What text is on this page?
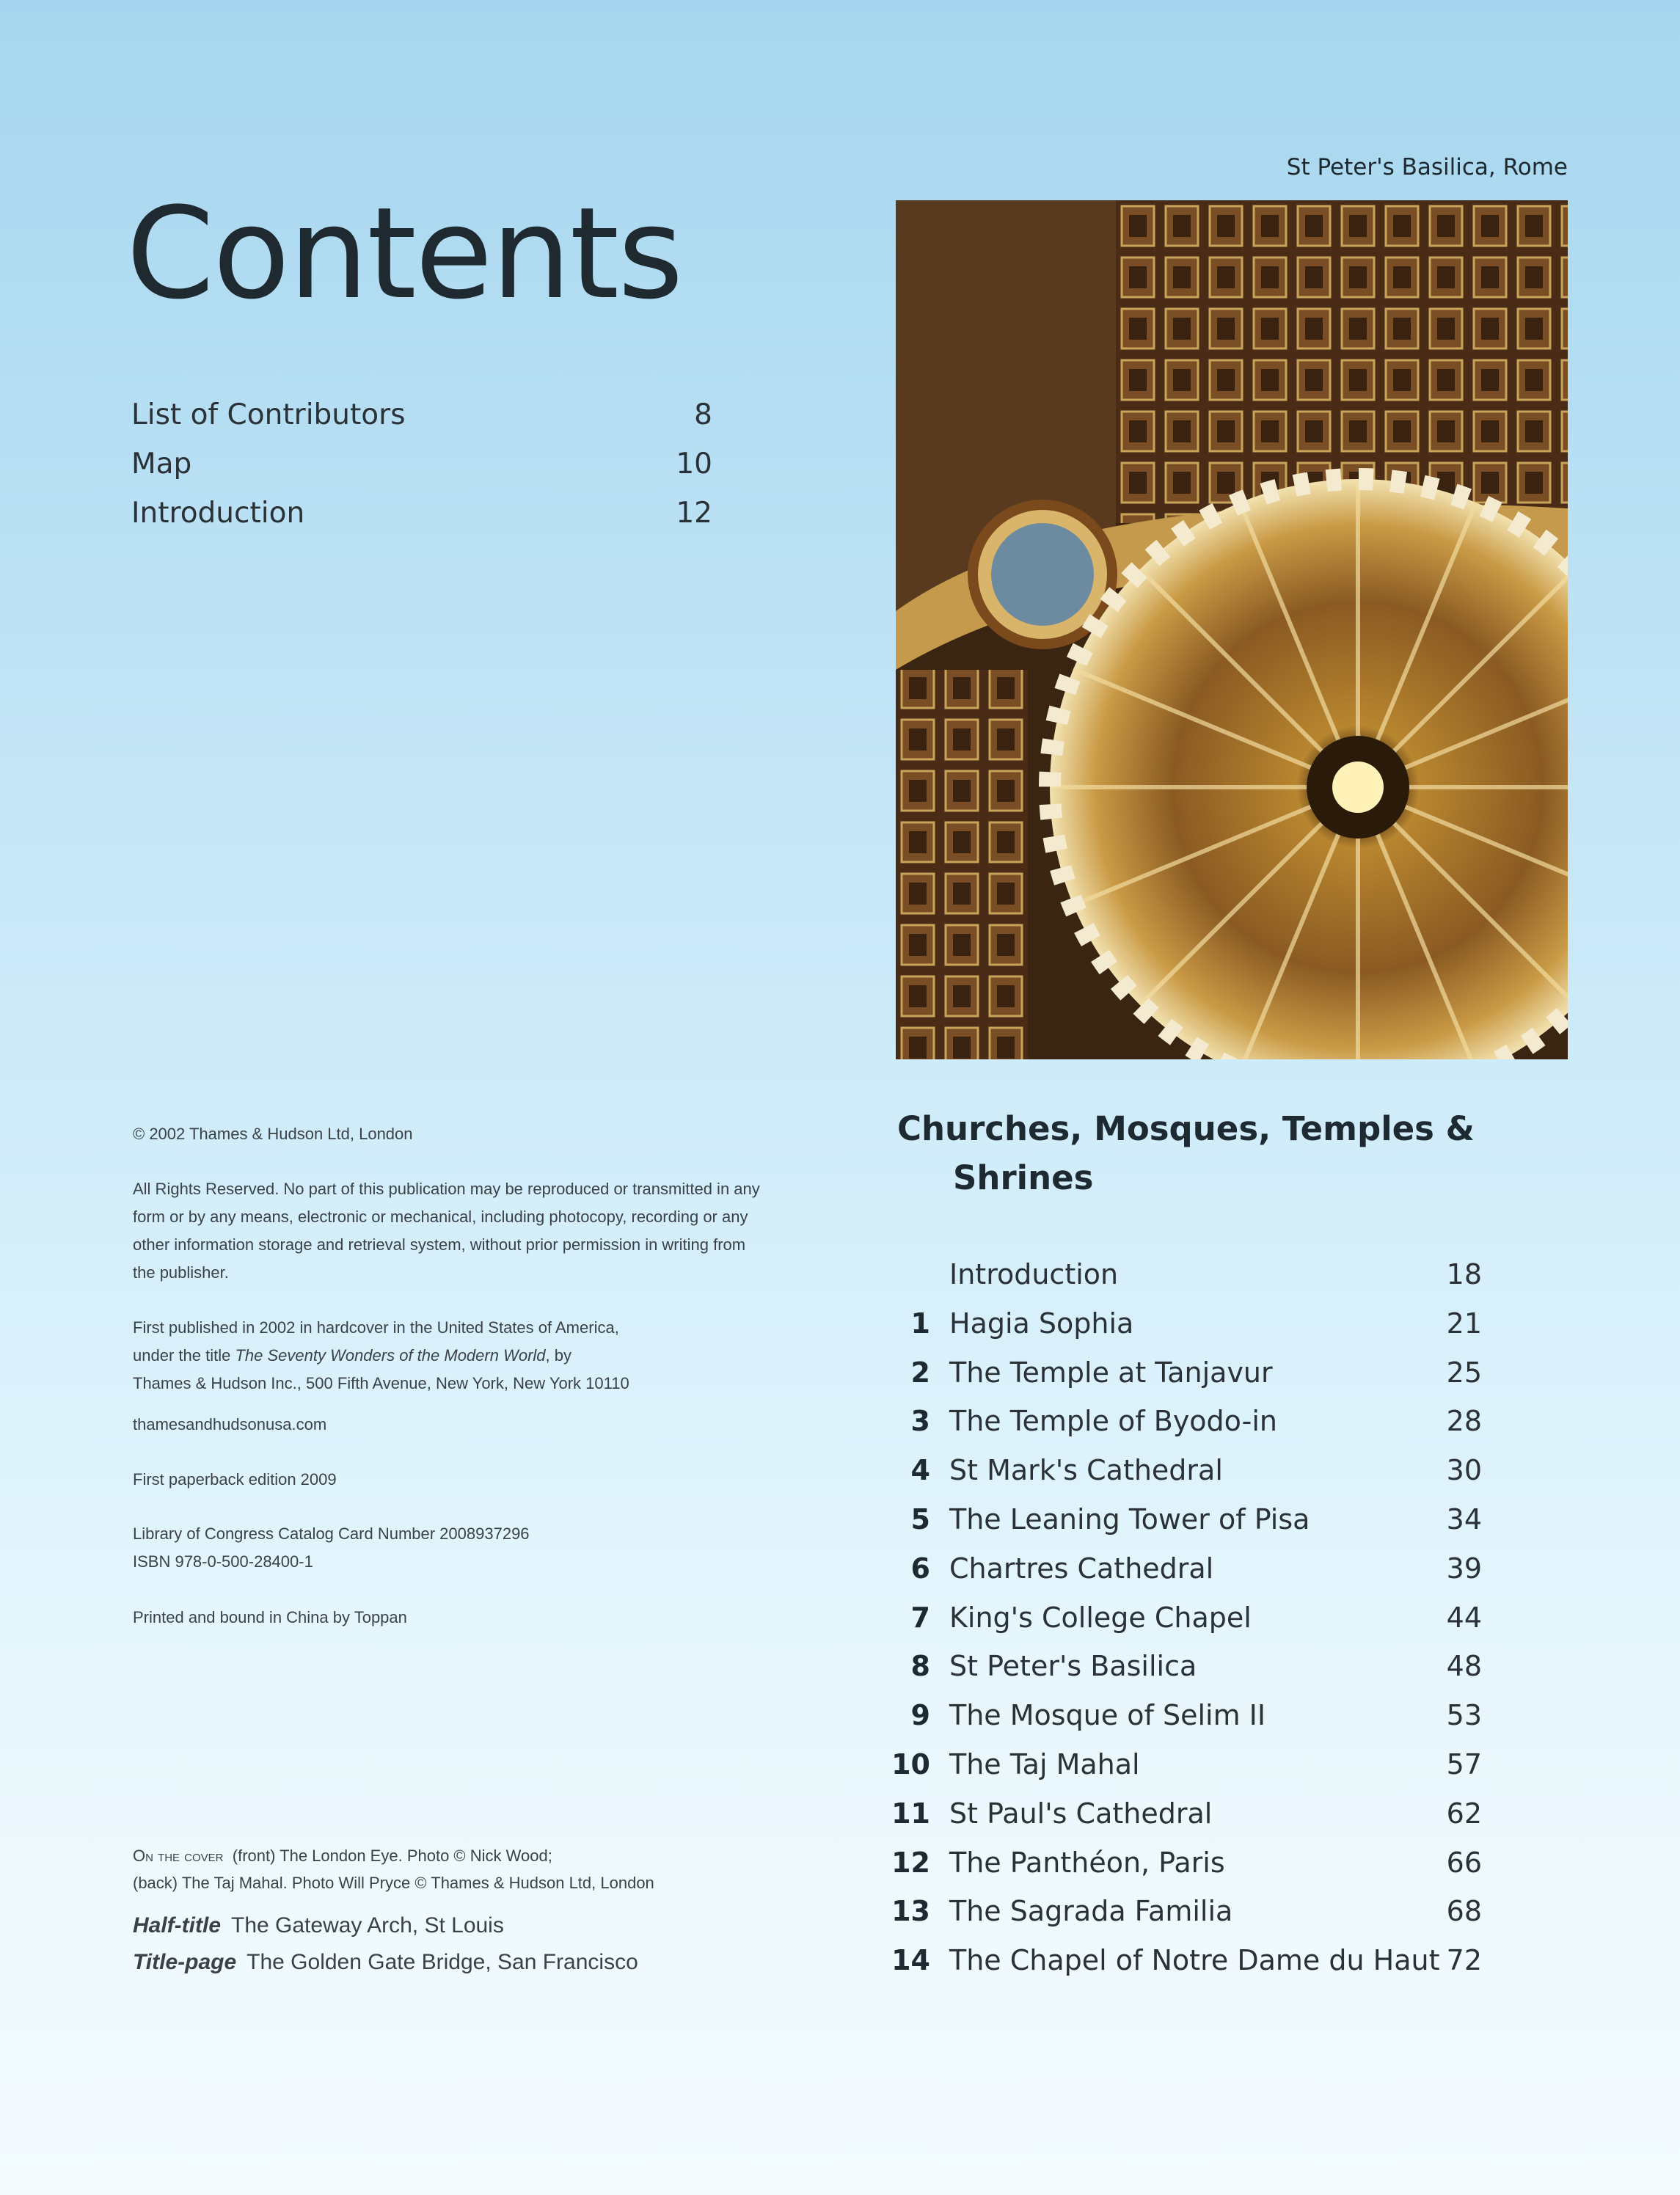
Contents
List of Contributors	8
Map	10
Introduction	12
St Peter's Basilica, Rome
Churches, Mosques, Temples &
Shrines
Introduction	18
1 Hagia Sophia	21
2 The Temple at Tanjavur	25
3 The Temple of Byodo-in	28
4 St Mark's Cathedral	30
5 The Leaning Tower of Pisa	34
6 Chartres Cathedral	39
7 King's College Chapel	44
8 St Peter's Basilica	48
9 The Mosque of Selim II	53
10 The Taj Mahal	57
11 St Paul's Cathedral	62
12 The Panthéon, Paris	66
13 The Sagrada Familia	68
14 The Chapel of Notre Dame du Haut 72
© 2002 Thames & Hudson Ltd, London
All Rights Reserved. No part of this publication may be reproduced or transmitted in any
form or by any means, electronic or mechanical, including photocopy, recording or any
other information storage and retrieval system, without prior permission in writing from
the publisher.
First published in 2002 in hardcover in the United States of America,
under the title The Seventy Wonders of the Modern World, by
Thames & Hudson Inc., 500 Fifth Avenue, New York, New York 10110
thamesandhudsonusa.com
First paperback edition 2009
Library of Congress Catalog Card Number 2008937296
ISBN 978-0-500-28400-1
Printed and bound in China by Toppan
On the cover (front) The London Eye. Photo © Nick Wood;
(back) The Taj Mahal. Photo Will Pryce © Thames & Hudson Ltd, London
Half-title The Gateway Arch, St Louis
Title-page The Golden Gate Bridge, San Francisco
